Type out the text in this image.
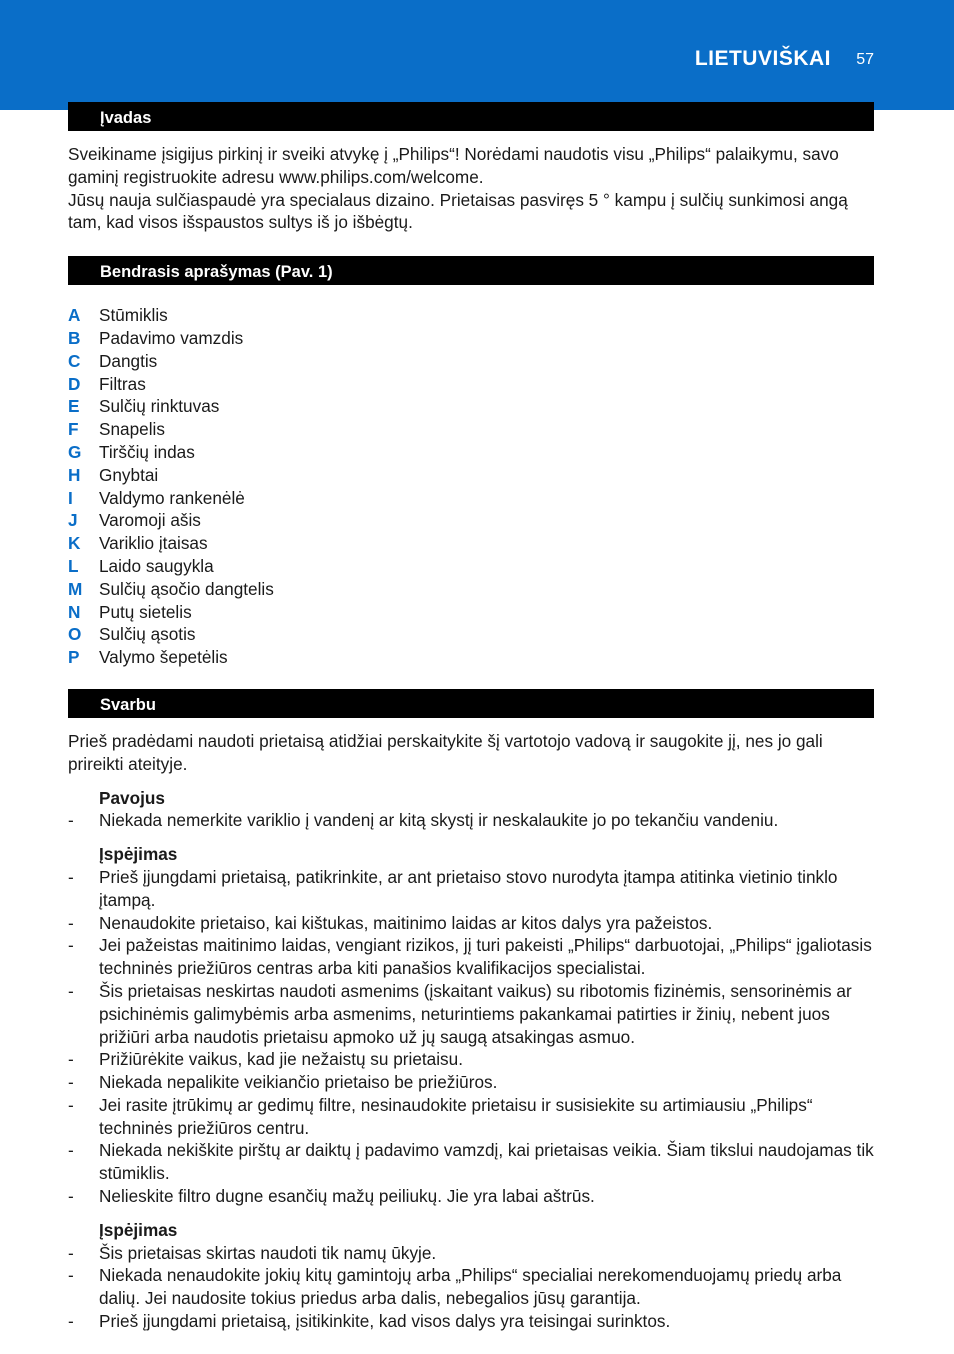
LIETUVIŠKAI 57
Įvadas

Sveikiname įsigijus pirkinį ir sveiki atvykę į „Philips“! Norėdami naudotis visu „Philips“ palaikymu, savo gaminį registruokite adresu www.philips.com/welcome.

Jūsų nauja sulčiaspaudė yra specialaus dizaino. Prietaisas pasviręs 5 ° kampu į sulčių sunkimosi angą tam, kad visos išspaustos sultys iš jo išbėgtų.

Bendrasis aprašymas (Pav. 1)
A	Stūmiklis
B	Padavimo vamzdis
C	Dangtis
D	Filtras
E	Sulčių rinktuvas
F	Snapelis
G	Tirščių indas
H	Gnybtai
I	Valdymo rankenėlė
J	Varomoji ašis
K	Variklio įtaisas
L	Laido saugykla
M Sulčių ąsočio dangtelis
N	Putų sietelis
O	Sulčių ąsotis
P	Valymo šepetėlis
Svarbu

Prieš pradėdami naudoti prietaisą atidžiai perskaitykite šį vartotojo vadovą ir saugokite jį, nes jo gali prireikti ateityje.

Pavojus
-	Niekada nemerkite variklio į vandenį ar kitą skystį ir neskalaukite jo po tekančiu vandeniu.
Įspėjimas
-	Prieš įjungdami prietaisą, patikrinkite, ar ant prietaiso stovo nurodyta įtampa atitinka vietinio tinklo įtampą.
-	Nenaudokite prietaiso, kai kištukas, maitinimo laidas ar kitos dalys yra pažeistos.
-	Jei pažeistas maitinimo laidas, vengiant rizikos, jį turi pakeisti „Philips“ darbuotojai, „Philips“ įgaliotasis techninės priežiūros centras arba kiti panašios kvalifikacijos specialistai.
-	Šis prietaisas neskirtas naudoti asmenims (įskaitant vaikus) su ribotomis fizinėmis, sensorinėmis ar psichinėmis galimybėmis arba asmenims, neturintiems pakankamai patirties ir žinių, nebent juos prižiūri arba naudotis prietaisu apmoko už jų saugą atsakingas asmuo.
-	Prižiūrėkite vaikus, kad jie nežaistų su prietaisu.
-	Niekada nepalikite veikiančio prietaiso be priežiūros.
-	Jei rasite įtrūkimų ar gedimų filtre, nesinaudokite prietaisu ir susisiekite su artimiausiu „Philips“ techninės priežiūros centru.
-	Niekada nekiškite pirštų ar daiktų į padavimo vamzdį, kai prietaisas veikia. Šiam tikslui naudojamas tik stūmiklis.
-	Nelieskite filtro dugne esančių mažų peiliukų. Jie yra labai aštrūs.
Įspėjimas
-	Šis prietaisas skirtas naudoti tik namų ūkyje.
-	Niekada nenaudokite jokių kitų gamintojų arba „Philips“ specialiai nerekomenduojamų priedų arba dalių. Jei naudosite tokius priedus arba dalis, nebegalios jūsų garantija.
-	Prieš įjungdami prietaisą, įsitikinkite, kad visos dalys yra teisingai surinktos.
